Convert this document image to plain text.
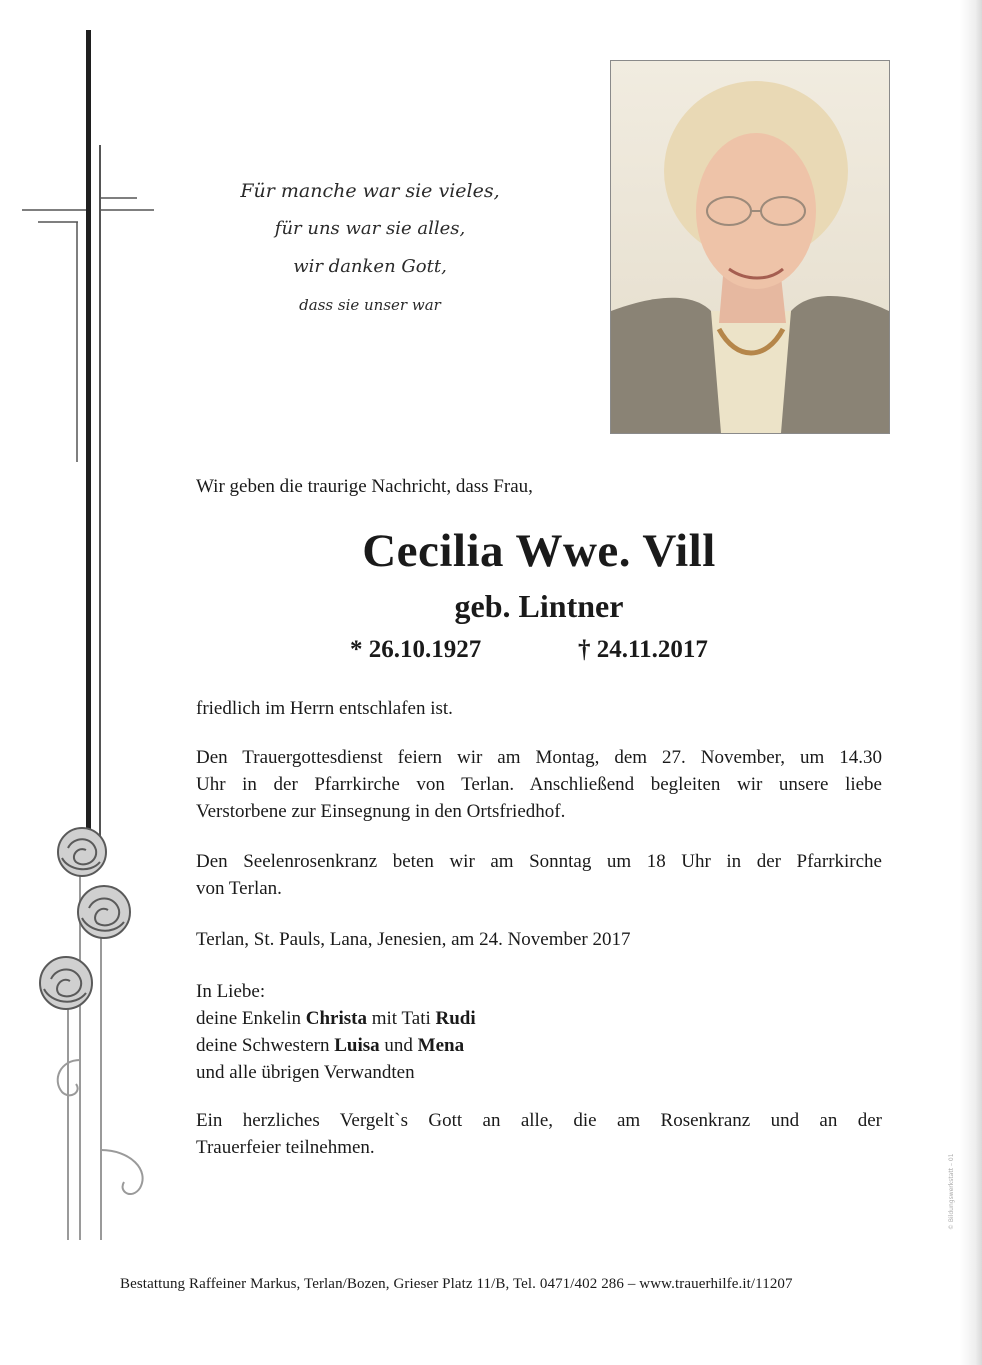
Für manche war sie vieles,
für uns war sie alles,
wir danken Gott,
dass sie unser war
Wir geben die traurige Nachricht, dass Frau,
Cecilia Wwe. Vill
geb. Lintner
* 26.10.1927	† 24.11.2017
friedlich im Herrn entschlafen ist.
Den Trauergottesdienst feiern wir am Montag, dem 27. November, um 14.30
Uhr in der Pfarrkirche von Terlan. Anschließend begleiten wir unsere liebe
Verstorbene zur Einsegnung in den Ortsfriedhof.
Den Seelenrosenkranz beten wir am Sonntag um 18 Uhr in der Pfarrkirche
von Terlan.
Terlan, St. Pauls, Lana, Jenesien, am 24. November 2017
In Liebe:
deine Enkelin Christa mit Tati Rudi
deine Schwestern Luisa und Mena
und alle übrigen Verwandten
Ein herzliches Vergelt`s Gott an alle, die am Rosenkranz und an der
Trauerfeier teilnehmen.
Bestattung Raffeiner Markus, Terlan/Bozen, Grieser Platz 11/B, Tel. 0471/402 286 – www.trauerhilfe.it/11207
© Bildungswerkstatt – 01
